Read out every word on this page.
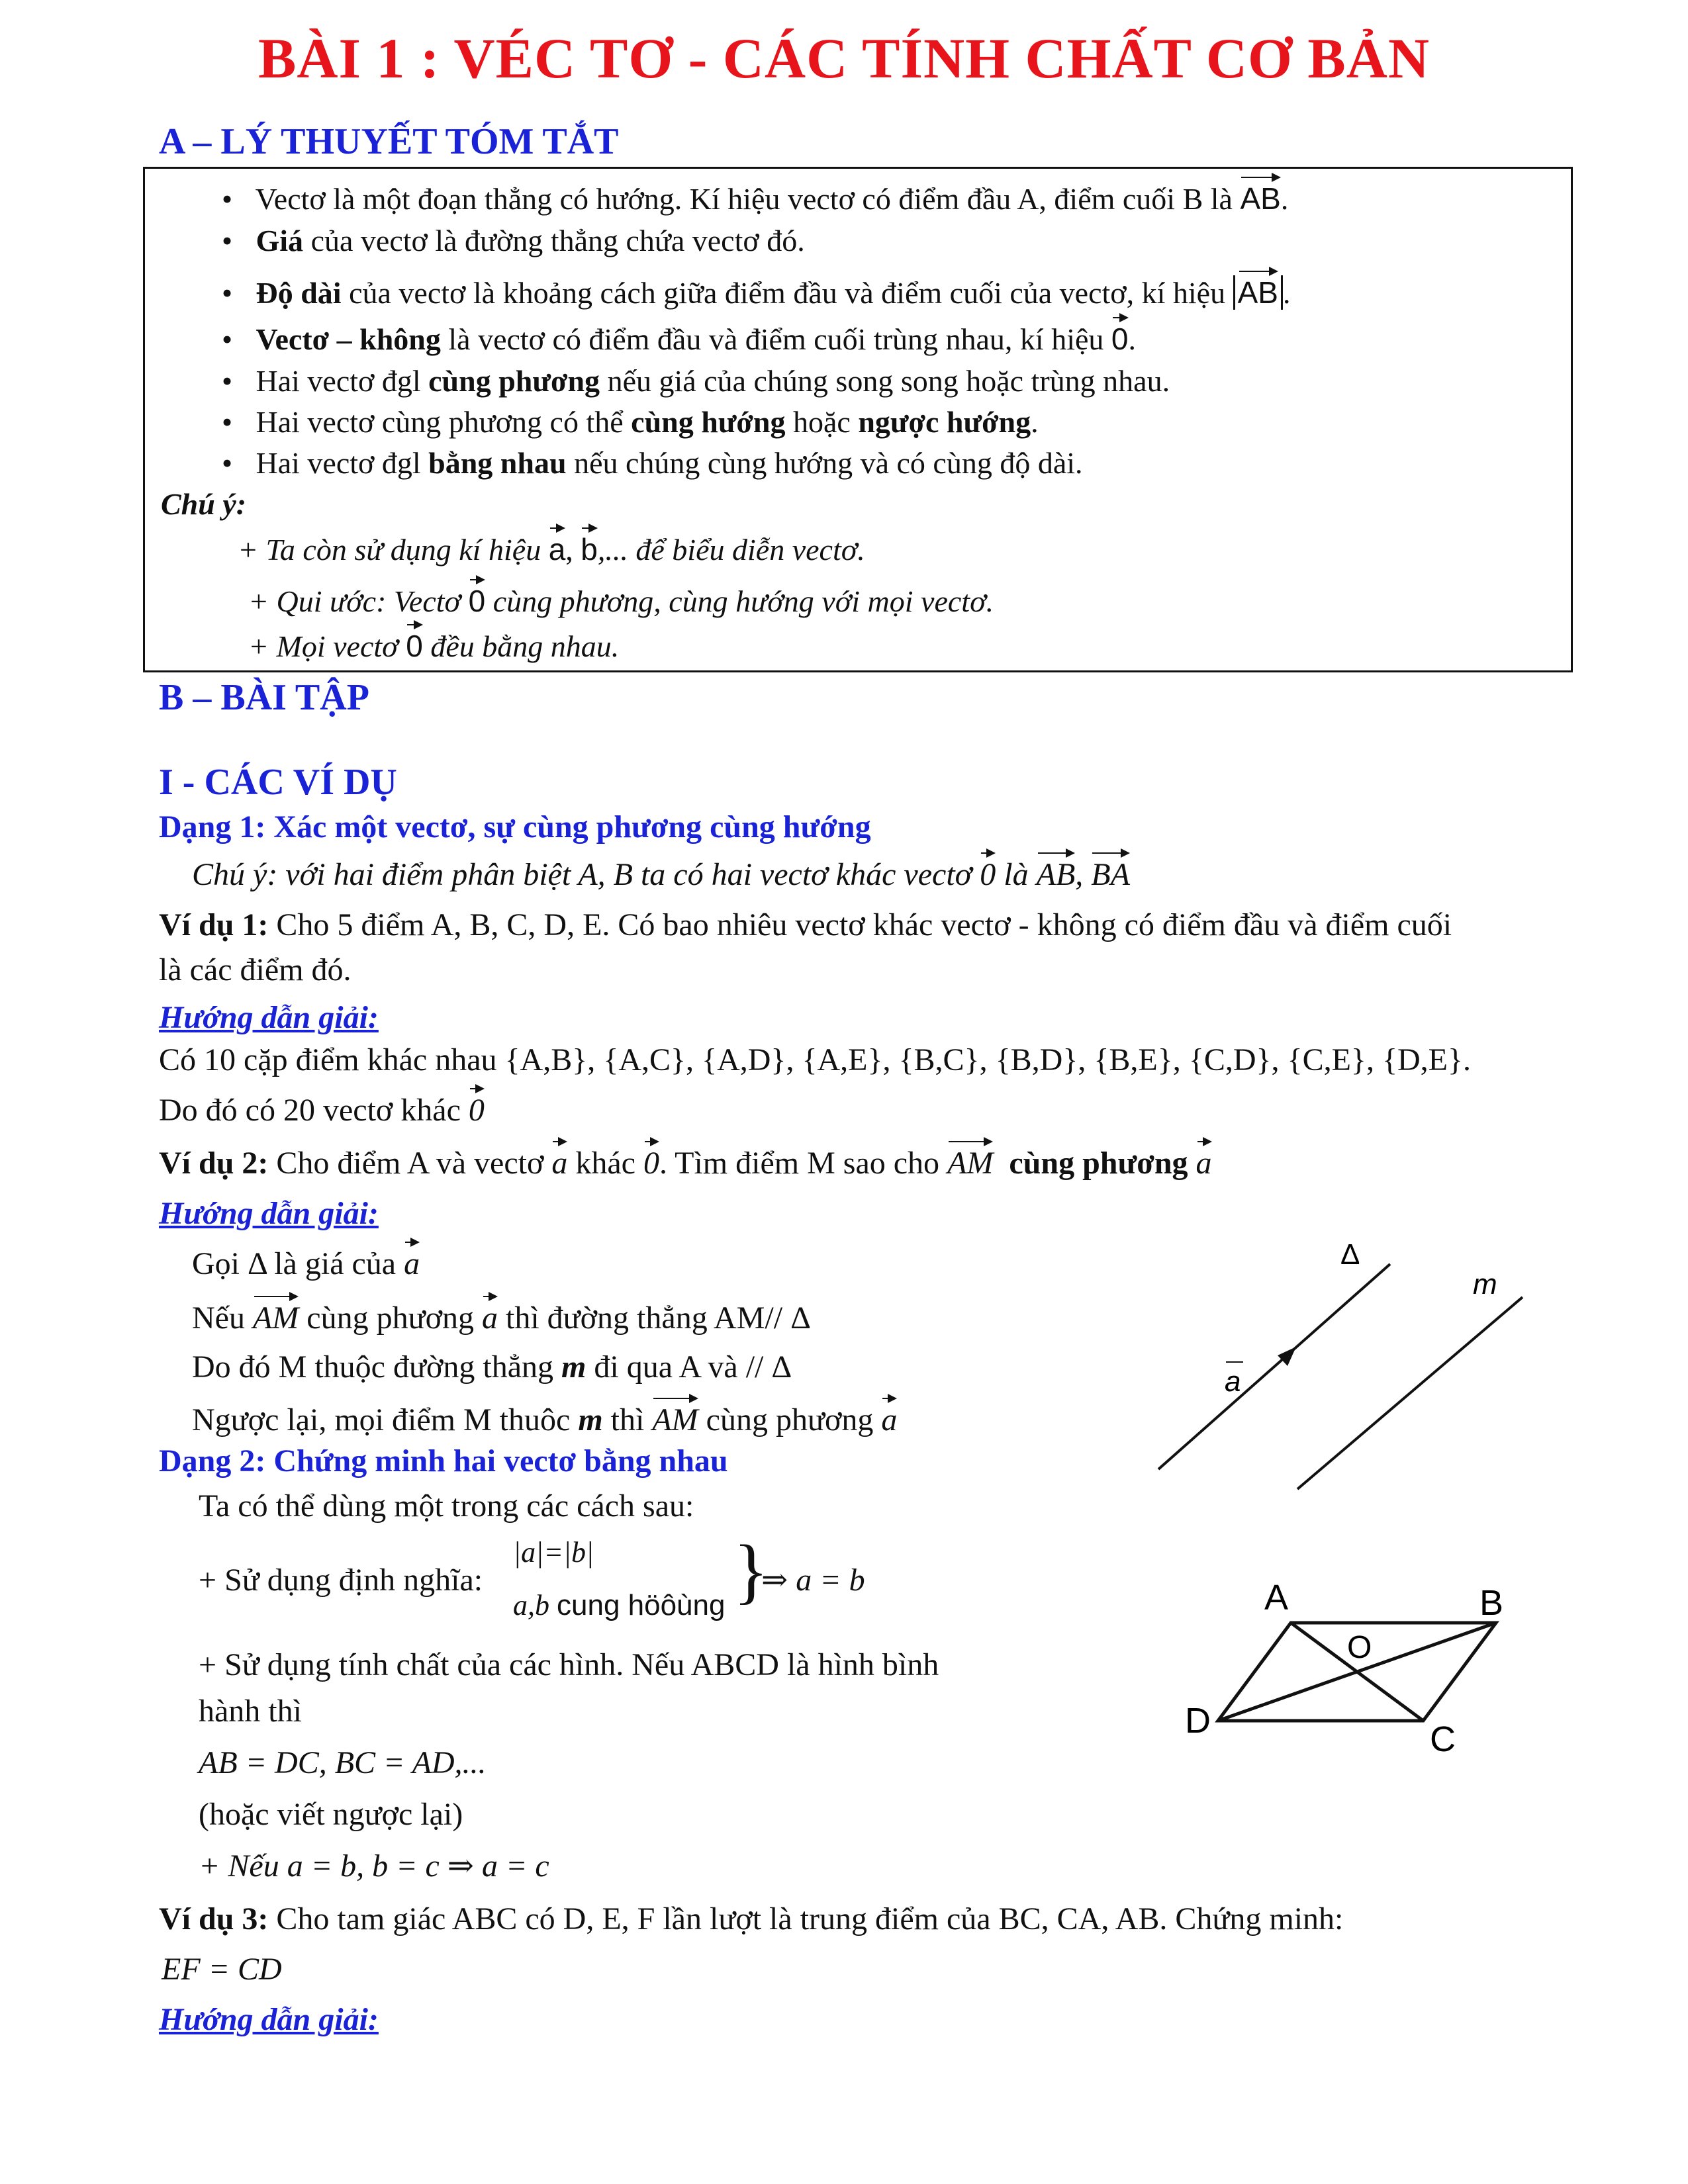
BÀI 1 : VÉC TƠ - CÁC TÍNH CHẤT CƠ BẢN
A – LÝ THUYẾT TÓM TẮT
• Vectơ là một đoạn thẳng có hướng. Kí hiệu vectơ có điểm đầu A, điểm cuối B là
AB.
• Giá của vectơ là đường thẳng chứa vectơ đó.
• Độ dài của vectơ là khoảng cách giữa điểm đầu và điểm cuối của vectơ, kí hiệu
AB .
• Vectơ – không là vectơ có điểm đầu và điểm cuối trùng nhau, kí hiệu
0.
• Hai vectơ đgl cùng phương nếu giá của chúng song song hoặc trùng nhau.
• Hai vectơ cùng phương có thể cùng hướng hoặc ngược hướng.
• Hai vectơ đgl bằng nhau nếu chúng cùng hướng và có cùng độ dài.
Chú ý:
+ Ta còn sử dụng kí hiệu
a,
b,... để biểu diễn vectơ.
+ Qui ước: Vectơ
0 cùng phương, cùng hướng với mọi vectơ.
+ Mọi vectơ
0 đều bằng nhau.
B – BÀI TẬP
I - CÁC VÍ DỤ
Dạng 1: Xác một vectơ, sự cùng phương cùng hướng
Chú ý: với hai điểm phân biệt A, B ta có hai vectơ khác vectơ
0 là
AB,
BA
Ví dụ 1: Cho 5 điểm A, B, C, D, E. Có bao nhiêu vectơ khác vectơ - không có điểm đầu và điểm cuối
là các điểm đó.
Hướng dẫn giải:
Có 10 cặp điểm khác nhau {A,B}, {A,C}, {A,D}, {A,E}, {B,C}, {B,D}, {B,E}, {C,D}, {C,E}, {D,E}.
Do đó có 20 vectơ khác
0
Ví dụ 2: Cho điểm A và vectơ
a khác
0. Tìm điểm M sao cho
AM cùng phương a
Hướng dẫn giải:
Gọi Δ là giá của
a
Nếu
AM cùng phương
a thì đường thẳng AM// Δ
Do đó M thuộc đường thẳng m đi qua A và // Δ
Ngược lại, mọi điểm M thuôc m thì
AM cùng phương
a
Δ
m
a
Dạng 2: Chứng minh hai vectơ bằng nhau
Ta có thể dùng một trong các cách sau:
+ Sử dụng định nghĩa:
|a|=|b|
a,b cung höôùng }
⇒ a = b
+ Sử dụng tính chất của các hình. Nếu ABCD là hình bình
hành thì
AB = DC, BC = AD,...
(hoặc viết ngược lại)
+ Nếu a = b, b = c ⇒ a = c
A	B
C
D
O
Ví dụ 3: Cho tam giác ABC có D, E, F lần lượt là trung điểm của BC, CA, AB. Chứng minh:
EF = CD
Hướng dẫn giải:
